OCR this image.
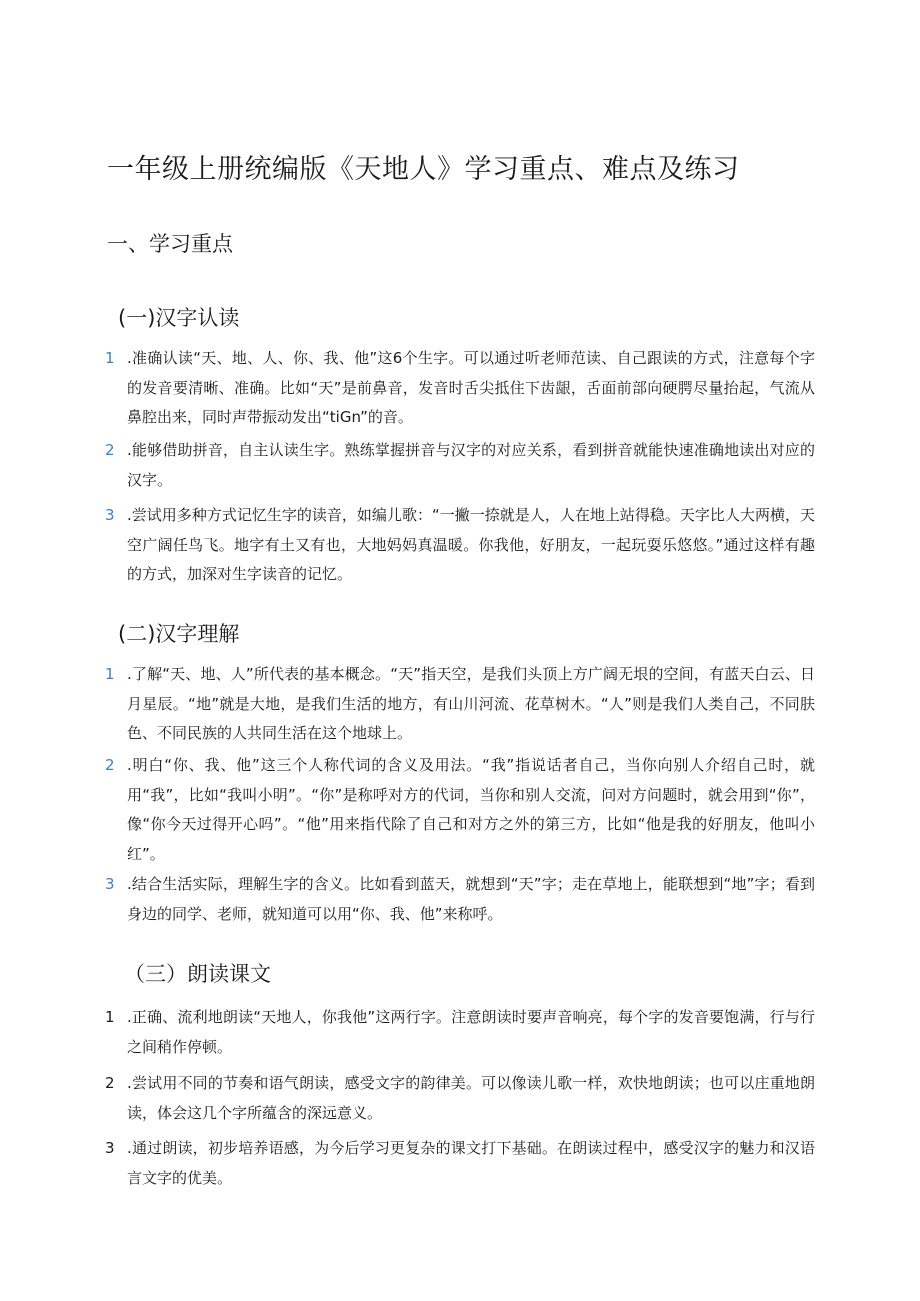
一年级上册统编版《天地人》学习重点、难点及练习
一、学习重点
(一)汉字认读
1 .准确认读“天、地、人、你、我、他”这6个生字。可以通过听老师范读、自己跟读的方式，注意每个字的发音要清晰、准确。比如“天”是前鼻音，发音时舌尖抵住下齿龈，舌面前部向硬腭尽量抬起，气流从鼻腔出来，同时声带振动发出“tiGn”的音。
2 .能够借助拼音，自主认读生字。熟练掌握拼音与汉字的对应关系，看到拼音就能快速准确地读出对应的汉字。
3 .尝试用多种方式记忆生字的读音，如编儿歌：“一撇一捺就是人，人在地上站得稳。天字比人大两横，天空广阔任鸟飞。地字有土又有也，大地妈妈真温暖。你我他，好朋友，一起玩耍乐悠悠。”通过这样有趣的方式，加深对生字读音的记忆。
(二)汉字理解
1 .了解“天、地、人”所代表的基本概念。“天”指天空，是我们头顶上方广阔无垠的空间，有蓝天白云、日月星辰。“地”就是大地，是我们生活的地方，有山川河流、花草树木。“人”则是我们人类自己，不同肤色、不同民族的人共同生活在这个地球上。
2 .明白“你、我、他”这三个人称代词的含义及用法。“我”指说话者自己，当你向别人介绍自己时，就用“我”，比如“我叫小明”。“你”是称呼对方的代词，当你和别人交流，问对方问题时，就会用到“你”，像“你今天过得开心吗”。“他”用来指代除了自己和对方之外的第三方，比如“他是我的好朋友，他叫小红”。
3 .结合生活实际，理解生字的含义。比如看到蓝天，就想到“天”字；走在草地上，能联想到“地”字；看到身边的同学、老师，就知道可以用“你、我、他”来称呼。
（三）朗读课文
1 .正确、流利地朗读“天地人，你我他”这两行字。注意朗读时要声音响亮，每个字的发音要饱满，行与行之间稍作停顿。
2 .尝试用不同的节奏和语气朗读，感受文字的韵律美。可以像读儿歌一样，欢快地朗读；也可以庄重地朗读，体会这几个字所蕴含的深远意义。
3 .通过朗读，初步培养语感，为今后学习更复杂的课文打下基础。在朗读过程中，感受汉字的魅力和汉语言文字的优美。
